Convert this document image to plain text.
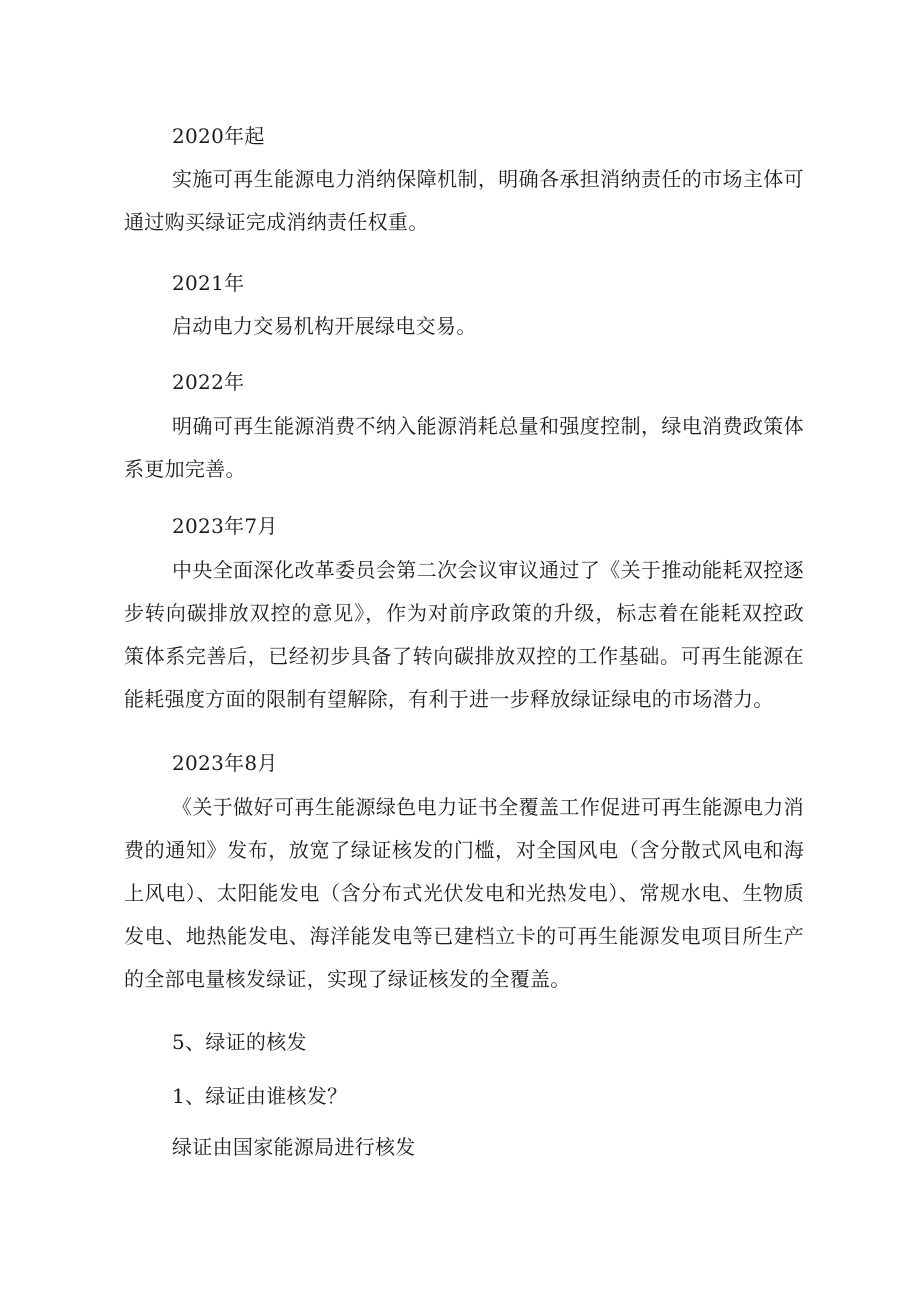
2020年起

实施可再生能源电力消纳保障机制，明确各承担消纳责任的市场主体可通过购买绿证完成消纳责任权重。

2021年

启动电力交易机构开展绿电交易。

2022年

明确可再生能源消费不纳入能源消耗总量和强度控制，绿电消费政策体系更加完善。

2023年7月

中央全面深化改革委员会第二次会议审议通过了《关于推动能耗双控逐步转向碳排放双控的意见》，作为对前序政策的升级，标志着在能耗双控政策体系完善后，已经初步具备了转向碳排放双控的工作基础。可再生能源在能耗强度方面的限制有望解除，有利于进一步释放绿证绿电的市场潜力。

2023年8月

《关于做好可再生能源绿色电力证书全覆盖工作促进可再生能源电力消费的通知》发布，放宽了绿证核发的门槛，对全国风电（含分散式风电和海上风电）、太阳能发电（含分布式光伏发电和光热发电）、常规水电、生物质发电、地热能发电、海洋能发电等已建档立卡的可再生能源发电项目所生产的全部电量核发绿证，实现了绿证核发的全覆盖。

5、绿证的核发

1、绿证由谁核发？

绿证由国家能源局进行核发
